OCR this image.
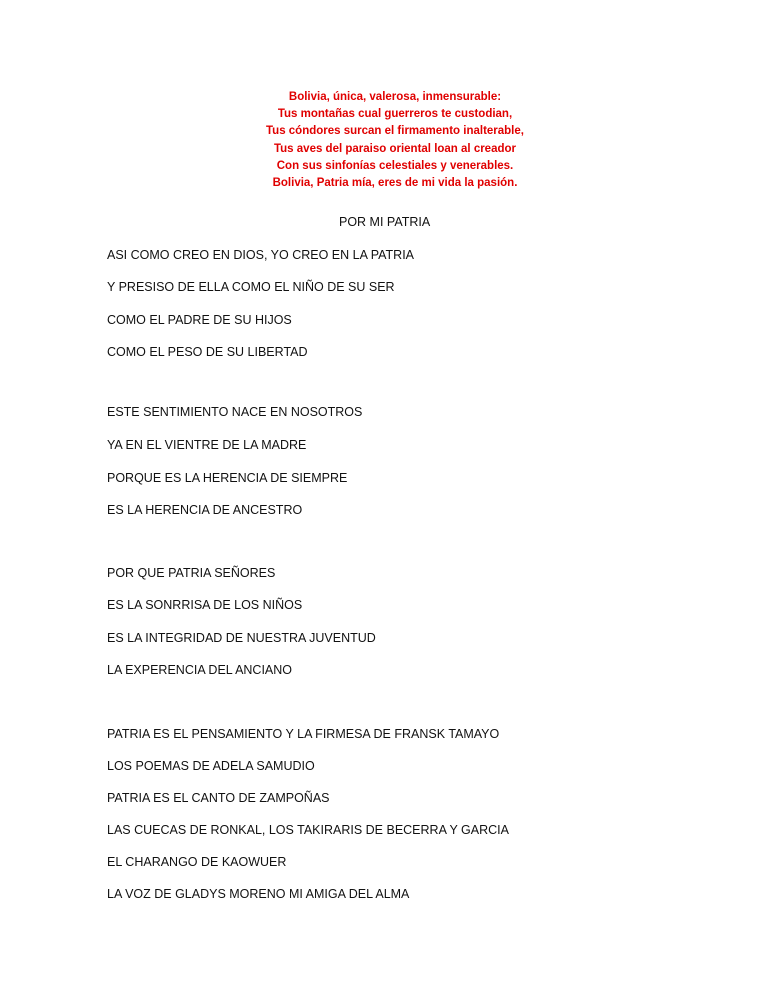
Bolivia, única, valerosa, inmensurable:
Tus montañas cual guerreros te custodian,
Tus cóndores surcan el firmamento inalterable,
Tus aves del paraiso oriental loan al creador
Con sus sinfonías celestiales y venerables.
Bolivia, Patria mía, eres de mi vida la pasión.
POR MI PATRIA
ASI COMO CREO EN DIOS, YO CREO EN LA PATRIA
Y PRESISO DE ELLA COMO EL NIÑO DE SU SER
COMO EL PADRE DE SU HIJOS
COMO EL PESO DE SU LIBERTAD
ESTE SENTIMIENTO NACE EN NOSOTROS
YA EN EL VIENTRE DE LA MADRE
PORQUE ES LA HERENCIA DE SIEMPRE
ES LA HERENCIA DE ANCESTRO
POR QUE PATRIA SEÑORES
ES LA SONRRISA DE LOS NIÑOS
ES LA INTEGRIDAD DE NUESTRA JUVENTUD
LA EXPERENCIA DEL ANCIANO
PATRIA ES EL PENSAMIENTO Y LA FIRMESA DE FRANSK TAMAYO
LOS POEMAS DE ADELA SAMUDIO
PATRIA ES EL CANTO DE ZAMPOÑAS
LAS CUECAS DE RONKAL, LOS TAKIRARIS DE BECERRA Y GARCIA
EL CHARANGO DE KAOWUER
LA VOZ DE GLADYS MORENO MI AMIGA DEL ALMA
